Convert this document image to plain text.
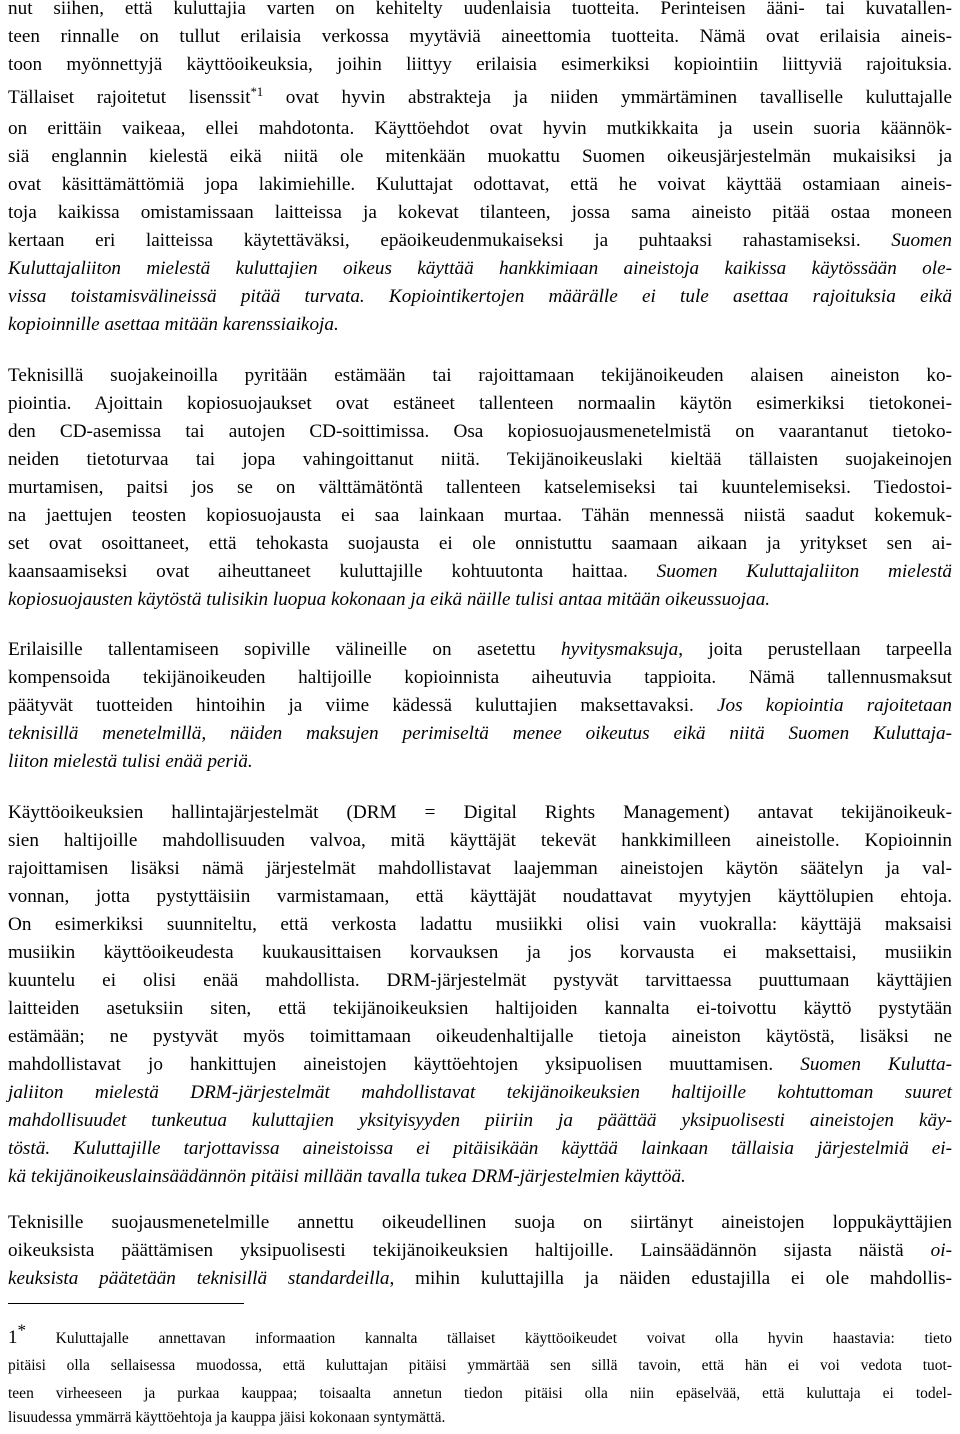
nut siihen, että kuluttajia varten on kehitelty uudenlaisia tuotteita. Perinteisen ääni- tai kuvatallen-
teen rinnalle on tullut erilaisia verkossa myytäviä aineettomia tuotteita. Nämä ovat erilaisia aineis-
toon myönnettyjä käyttöoikeuksia, joihin liittyy erilaisia esimerkiksi kopiointiin liittyviä rajoituksia.
Tällaiset rajoitetut lisenssit$^{*1}$ ovat hyvin abstrakteja ja niiden ymmärtäminen tavalliselle kuluttajalle
on erittäin vaikeaa, ellei mahdotonta. Käyttöehdot ovat hyvin mutkikkaita ja usein suoria käännök-
siä englannin kielestä eikä niitä ole mitenkään muokattu Suomen oikeusjärjestelmän mukaisiksi ja
ovat käsittämättömiä jopa lakimiehille. Kuluttajat odottavat, että he voivat käyttää ostamiaan aineis-
toja kaikissa omistamissaan laitteissa ja kokevat tilanteen, jossa sama aineisto pitää ostaa moneen
kertaan eri laitteissa käytettäväksi, epäoikeudenmukaiseksi ja puhtaaksi rahastamiseksi. Suomen
Kuluttajaliiton mielestä kuluttajien oikeus käyttää hankkimiaan aineistoja kaikissa käytössään ole-
vissa toistamisvälineissä pitää turvata. Kopiointikertojen määrälle ei tule asettaa rajoituksia eikä
kopioinnille asettaa mitään karenssiaikoja.
Teknisillä suojakeinoilla pyritään estämään tai rajoittamaan tekijänoikeuden alaisen aineiston ko-
piointia. Ajoittain kopiosuojaukset ovat estäneet tallenteen normaalin käytön esimerkiksi tietokonei-
den CD-asemissa tai autojen CD-soittimissa. Osa kopiosuojausmenetelmistä on vaarantanut tietoko-
neiden tietoturvaa tai jopa vahingoittanut niitä. Tekijänoikeuslaki kieltää tällaisten suojakeinojen
murtamisen, paitsi jos se on välttämätöntä tallenteen katselemiseksi tai kuuntelemiseksi. Tiedostoi-
na jaettujen teosten kopiosuojausta ei saa lainkaan murtaa. Tähän mennessä niistä saadut kokemuk-
set ovat osoittaneet, että tehokasta suojausta ei ole onnistuttu saamaan aikaan ja yritykset sen ai-
kaansaamiseksi ovat aiheuttaneet kuluttajille kohtuutonta haittaa. Suomen Kuluttajaliiton mielestä
kopiosuojausten käytöstä tulisikin luopua kokonaan ja eikä näille tulisi antaa mitään oikeussuojaa.
Erilaisille tallentamiseen sopiville välineille on asetettu hyvitysmaksuja, joita perustellaan tarpeella
kompensoida tekijänoikeuden haltijoille kopioinnista aiheutuvia tappioita. Nämä tallennusmaksut
päätyvät tuotteiden hintoihin ja viime kädessä kuluttajien maksettavaksi. Jos kopiointia rajoitetaan
teknisillä menetelmillä, näiden maksujen perimiseltä menee oikeutus eikä niitä Suomen Kuluttaja-
liiton mielestä tulisi enää periä.
Käyttöoikeuksien hallintajärjestelmät (DRM = Digital Rights Management) antavat tekijänoikeuk-
sien haltijoille mahdollisuuden valvoa, mitä käyttäjät tekevät hankkimilleen aineistolle. Kopioinnin
rajoittamisen lisäksi nämä järjestelmät mahdollistavat laajemman aineistojen käytön säätelyn ja val-
vonnan, jotta pystyttäisiin varmistamaan, että käyttäjät noudattavat myytyjen käyttölupien ehtoja.
On esimerkiksi suunniteltu, että verkosta ladattu musiikki olisi vain vuokralla: käyttäjä maksaisi
musiikin käyttöoikeudesta kuukausittaisen korvauksen ja jos korvausta ei maksettaisi, musiikin
kuuntelu ei olisi enää mahdollista. DRM-järjestelmät pystyvät tarvittaessa puuttumaan käyttäjien
laitteiden asetuksiin siten, että tekijänoikeuksien haltijoiden kannalta ei-toivottu käyttö pystytään
estämään; ne pystyvät myös toimittamaan oikeudenhaltijalle tietoja aineiston käytöstä, lisäksi ne
mahdollistavat jo hankittujen aineistojen käyttöehtojen yksipuolisen muuttamisen. Suomen Kulutta-
jaliiton mielestä DRM-järjestelmät mahdollistavat tekijänoikeuksien haltijoille kohtuttoman suuret
mahdollisuudet tunkeutua kuluttajien yksityisyyden piiriin ja päättää yksipuolisesti aineistojen käy-
töstä. Kuluttajille tarjottavissa aineistoissa ei pitäisikään käyttää lainkaan tällaisia järjestelmiä ei-
kä tekijänoikeuslainsäädännön pitäisi millään tavalla tukea DRM-järjestelmien käyttöä.
Teknisille suojausmenetelmille annettu oikeudellinen suoja on siirtänyt aineistojen loppukäyttäjien
oikeuksista päättämisen yksipuolisesti tekijänoikeuksien haltijoille. Lainsäädännön sijasta näistä oi-
keuksista päätetään teknisillä standardeilla, mihin kuluttajilla ja näiden edustajilla ei ole mahdollis-
1* Kuluttajalle annettavan informaation kannalta tällaiset käyttöoikeudet voivat olla hyvin haastavia: tieto
pitäisi olla sellaisessa muodossa, että kuluttajan pitäisi ymmärtää sen sillä tavoin, että hän ei voi vedota tuot-
teen virheeseen ja purkaa kauppaa; toisaalta annetun tiedon pitäisi olla niin epäselvää, että kuluttaja ei todel-
lisuudessa ymmärrä käyttöehtoja ja kauppa jäisi kokonaan syntymättä.
